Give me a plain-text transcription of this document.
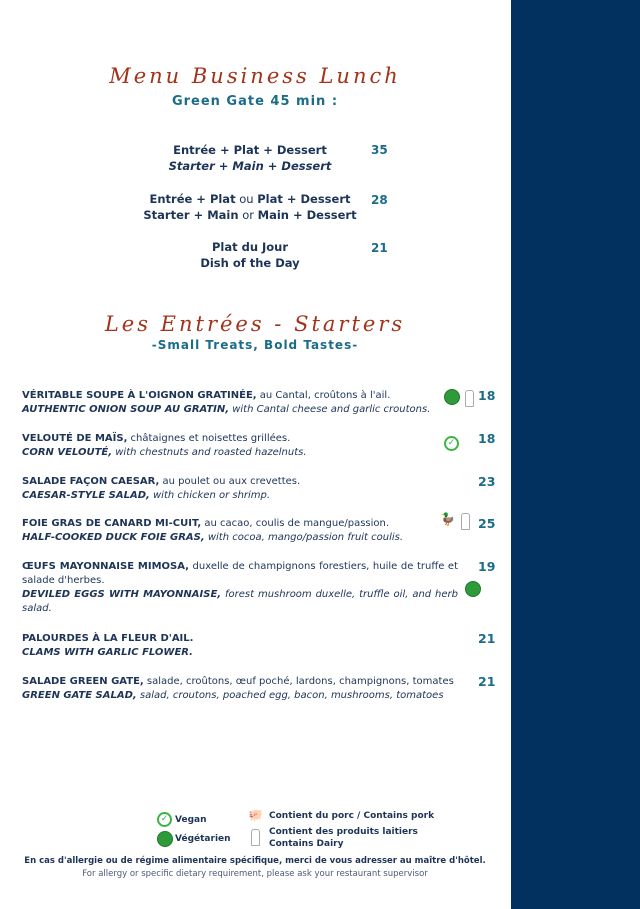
Menu Business Lunch
Green Gate 45 min :
Entrée + Plat + Dessert
Starter + Main + Dessert
35
Entrée + Plat ou Plat + Dessert
Starter + Main or Main + Dessert
28
Plat du Jour
Dish of the Day
21
Les Entrées - Starters
-Small Treats, Bold Tastes-
VÉRITABLE SOUPE À L'OIGNON GRATINÉE, au Cantal, croûtons à l'ail.
AUTHENTIC ONION SOUP AU GRATIN, with Cantal cheese and garlic croutons.
18
VELOUTÉ DE MAÏS, châtaignes et noisettes grillées.
CORN VELOUTÉ, with chestnuts and roasted hazelnuts.
18
✓
SALADE FAÇON CAESAR, au poulet ou aux crevettes.
CAESAR-STYLE SALAD, with chicken or shrimp.
23
FOIE GRAS DE CANARD MI-CUIT, au cacao, coulis de mangue/passion.
HALF-COOKED DUCK FOIE GRAS, with cocoa, mango/passion fruit coulis.
25
🦆
ŒUFS MAYONNAISE MIMOSA, duxelle de champignons forestiers, huile de truffe et salade d'herbes.
DEVILED EGGS WITH MAYONNAISE, forest mushroom duxelle, truffle oil, and herb salad.
19
PALOURDES À LA FLEUR D'AIL.
CLAMS WITH GARLIC FLOWER.
21
SALADE GREEN GATE, salade, croûtons, œuf poché, lardons, champignons, tomates
GREEN GATE SALAD, salad, croutons, poached egg, bacon, mushrooms, tomatoes
21
✓ Vegan
Végétarien
🐖 Contient du porc / Contains pork
Contient des produits laitiers
Contains Dairy
En cas d'allergie ou de régime alimentaire spécifique, merci de vous adresser au maître d'hôtel.
For allergy or specific dietary requirement, please ask your restaurant supervisor
